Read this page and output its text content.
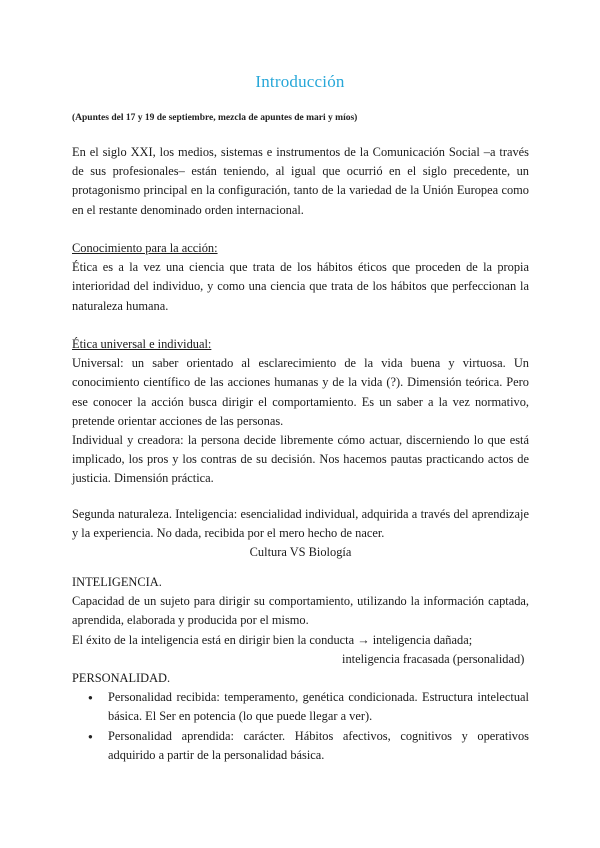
Introducción
(Apuntes del 17 y 19 de septiembre, mezcla de apuntes de mari y míos)

En el siglo XXI, los medios, sistemas e instrumentos de la Comunicación Social –a través de sus profesionales– están teniendo, al igual que ocurrió en el siglo precedente, un protagonismo principal en la configuración, tanto de la variedad de la Unión Europea como en el restante denominado orden internacional.

Conocimiento para la acción:

Ética es a la vez una ciencia que trata de los hábitos éticos que proceden de la propia interioridad del individuo, y como una ciencia que trata de los hábitos que perfeccionan la naturaleza humana.

Ética universal e individual:

Universal: un saber orientado al esclarecimiento de la vida buena y virtuosa. Un conocimiento científico de las acciones humanas y de la vida (?). Dimensión teórica. Pero ese conocer la acción busca dirigir el comportamiento. Es un saber a la vez normativo, pretende orientar acciones de las personas.

Individual y creadora: la persona decide libremente cómo actuar, discerniendo lo que está implicado, los pros y los contras de su decisión. Nos hacemos pautas practicando actos de justicia. Dimensión práctica.

Segunda naturaleza. Inteligencia: esencialidad individual, adquirida a través del aprendizaje y la experiencia. No dada, recibida por el mero hecho de nacer.

Cultura VS Biología

INTELIGENCIA.

Capacidad de un sujeto para dirigir su comportamiento, utilizando la información captada, aprendida, elaborada y producida por el mismo.

El éxito de la inteligencia está en dirigir bien la conducta → inteligencia dañada;

inteligencia fracasada (personalidad)

PERSONALIDAD.

● Personalidad recibida: temperamento, genética condicionada. Estructura intelectual básica. El Ser en potencia (lo que puede llegar a ver).
● Personalidad aprendida: carácter. Hábitos afectivos, cognitivos y operativos adquirido a partir de la personalidad básica.
